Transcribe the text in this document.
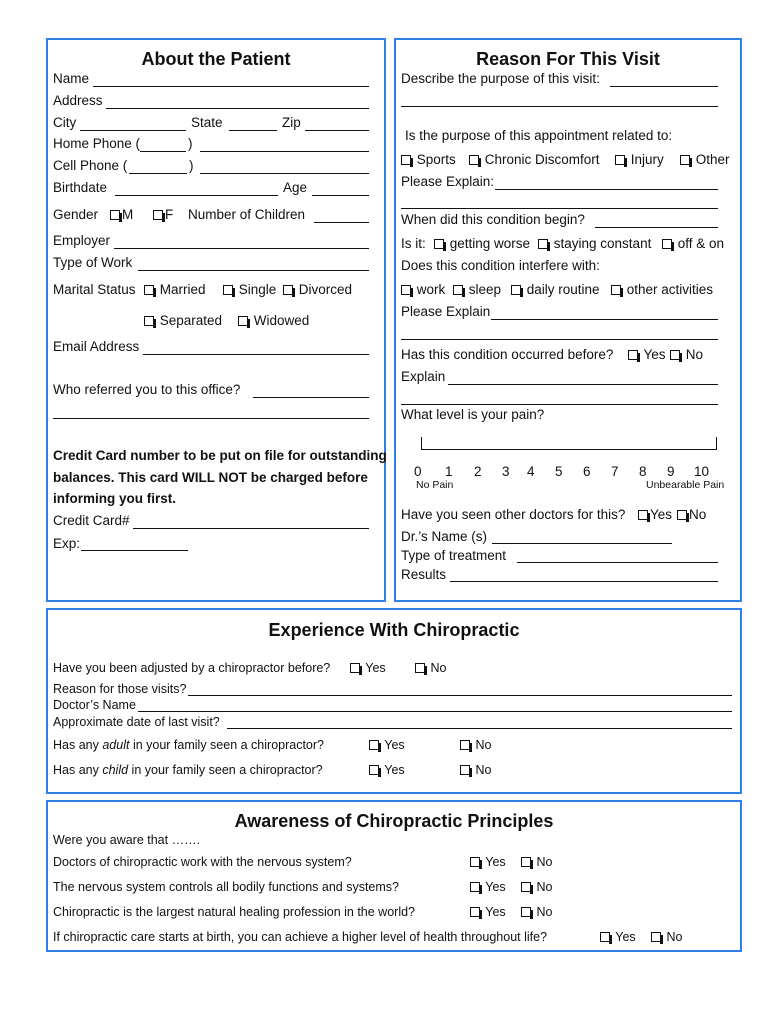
About the Patient
Name
Address
City	State	Zip
Home Phone (	)
Cell Phone (	)
Birthdate	Age
Gender	M	F Number of Children
Employer
Type of Work
Marital Status	Married	Single	Divorced
Separated	Widowed
Email Address
Who referred you to this office?
Credit Card number to be put on file for outstanding
balances. This card WILL NOT be charged before
informing you first.
Credit Card#
Exp:
Reason For This Visit
Describe the purpose of this visit:
Is the purpose of this appointment related to:
Sports	Chronic Discomfort	Injury	Other
Please Explain:
When did this condition begin?
Is it:	getting worse	staying constant	off & on
Does this condition interfere with:
work	sleep	daily routine	other activities
Please Explain
Has this condition occurred before?	Yes	No
Explain
What level is your pain?
0 1 2 3 4 5 6 7 8 9 10
No Pain	Unbearable Pain
Have you seen other doctors for this?	Yes	No
Dr.’s Name (s)
Type of treatment
Results
Experience With Chiropractic
Have you been adjusted by a chiropractor before?	Yes	No
Reason for those visits?
Doctor’s Name
Approximate date of last visit?
Has any adult in your family seen a chiropractor?	Yes	No
Has any child in your family seen a chiropractor?	Yes	No
Awareness of Chiropractic Principles
Were you aware that …….
Doctors of chiropractic work with the nervous system?	Yes	No
The nervous system controls all bodily functions and systems?	Yes	No
Chiropractic is the largest natural healing profession in the world?	Yes	No
If chiropractic care starts at birth, you can achieve a higher level of health throughout life?	Yes	No
